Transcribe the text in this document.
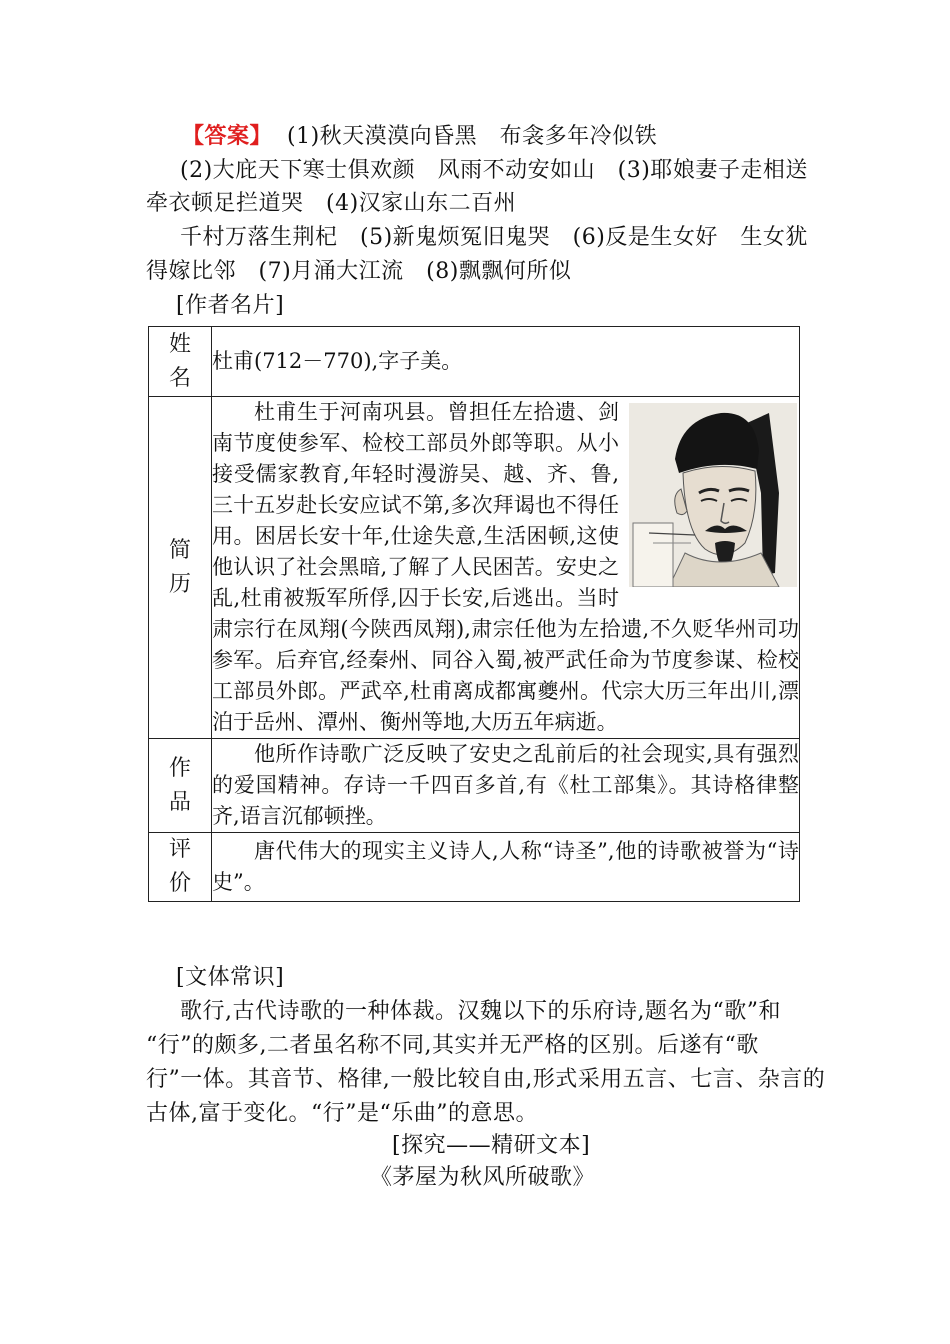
【答案】 (1)秋天漠漠向昏黑　布衾多年冷似铁
(2)大庇天下寒士俱欢颜　风雨不动安如山　(3)耶娘妻子走相送
牵衣顿足拦道哭　(4)汉家山东二百州
千村万落生荆杞　(5)新鬼烦冤旧鬼哭　(6)反是生女好　生女犹
得嫁比邻　(7)月涌大江流　(8)飘飘何所似
[作者名片]
姓
名	杜甫(712－770),字子美。
简
历	杜甫生于河南巩县。曾担任左拾遗、剑南节度使参军、检校工部员外郎等职。从小接受儒家教育,年轻时漫游吴、越、齐、鲁,三十五岁赴长安应试不第,多次拜谒也不得任用。困居长安十年,仕途失意,生活困顿,这使他认识了社会黑暗,了解了人民困苦。安史之乱,杜甫被叛军所俘,囚于长安,后逃出。当时肃宗行在凤翔(今陕西凤翔),肃宗任他为左拾遗,不久贬华州司功参军。后弃官,经秦州、同谷入蜀,被严武任命为节度参谋、检校工部员外郎。严武卒,杜甫离成都寓夔州。代宗大历三年出川,漂泊于岳州、潭州、衡州等地,大历五年病逝。

作
品	他所作诗歌广泛反映了安史之乱前后的社会现实,具有强烈的爱国精神。存诗一千四百多首,有《杜工部集》。其诗格律整齐,语言沉郁顿挫。
评
价	唐代伟大的现实主义诗人,人称“诗圣”,他的诗歌被誉为“诗史”。
[文体常识]
歌行,古代诗歌的一种体裁。汉魏以下的乐府诗,题名为“歌”和
“行”的颇多,二者虽名称不同,其实并无严格的区别。后遂有“歌
行”一体。其音节、格律,一般比较自由,形式采用五言、七言、杂言的
古体,富于变化。“行”是“乐曲”的意思。
[探究——精研文本]
《茅屋为秋风所破歌》
